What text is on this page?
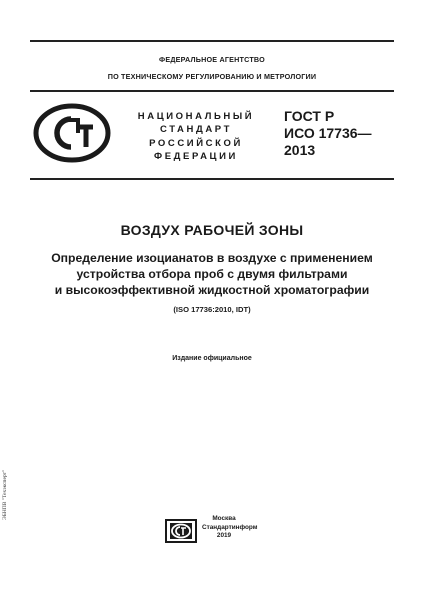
ФЕДЕРАЛЬНОЕ АГЕНТСТВО
ПО ТЕХНИЧЕСКОМУ РЕГУЛИРОВАНИЮ И МЕТРОЛОГИИ
НАЦИОНАЛЬНЫЙ
СТАНДАРТ
РОССИЙСКОЙ
ФЕДЕРАЦИИ
ГОСТ Р
ИСО 17736—
2013
ВОЗДУХ РАБОЧЕЙ ЗОНЫ
Определение изоцианатов в воздухе с применением
устройства отбора проб с двумя фильтрами
и высокоэффективной жидкостной хроматографии
(ISO 17736:2010, IDT)
Издание официальное
ЭБНПВ "Техэксперт"	Москва
Стандартинформ
2019
